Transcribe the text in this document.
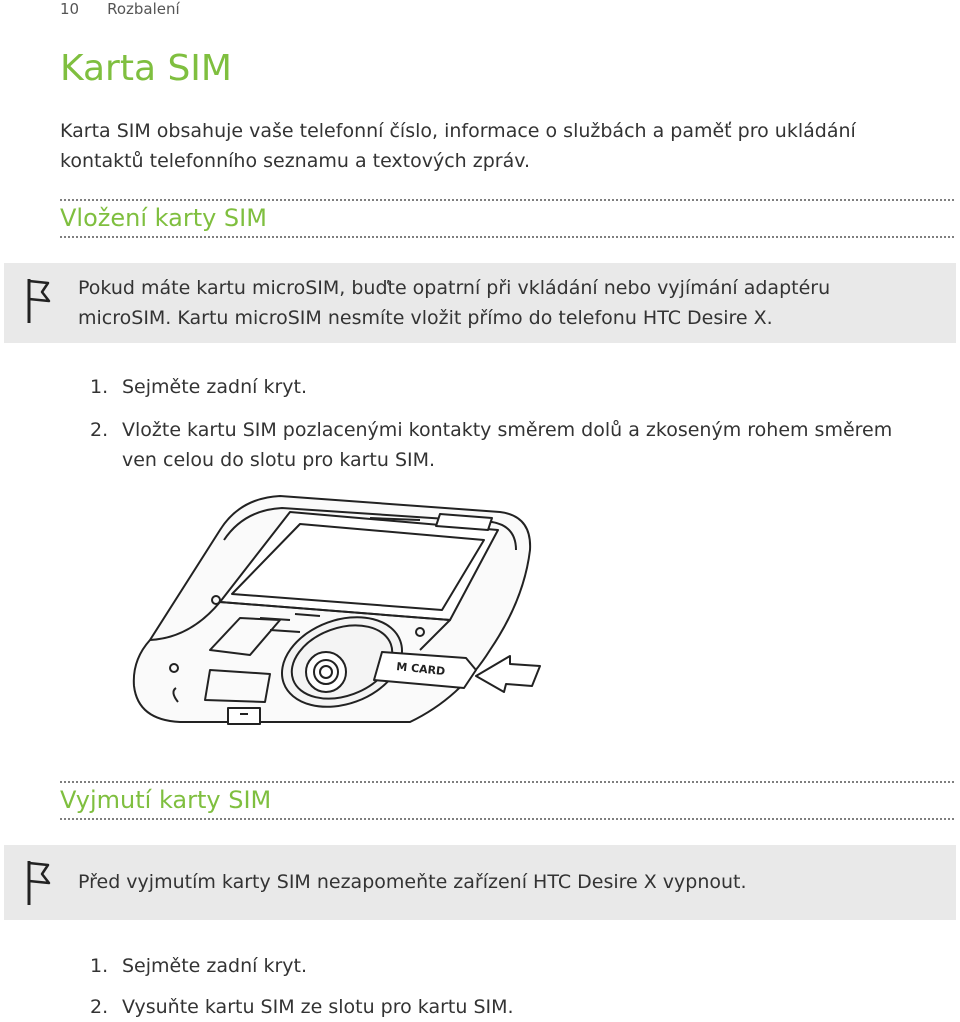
10 Rozbalení
Karta SIM
Karta SIM obsahuje vaše telefonní číslo, informace o službách a paměť pro ukládání kontaktů telefonního seznamu a textových zpráv.
Vložení karty SIM
Pokud máte kartu microSIM, buďte opatrní při vkládání nebo vyjímání adaptéru microSIM. Kartu microSIM nesmíte vložit přímo do telefonu HTC Desire X.
1. Sejměte zadní kryt.
2. Vložte kartu SIM pozlacenými kontakty směrem dolů a zkoseným rohem směrem ven celou do slotu pro kartu SIM.
M CARD
Vyjmutí karty SIM
Před vyjmutím karty SIM nezapomeňte zařízení HTC Desire X vypnout.
1. Sejměte zadní kryt.
2. Vysuňte kartu SIM ze slotu pro kartu SIM.
